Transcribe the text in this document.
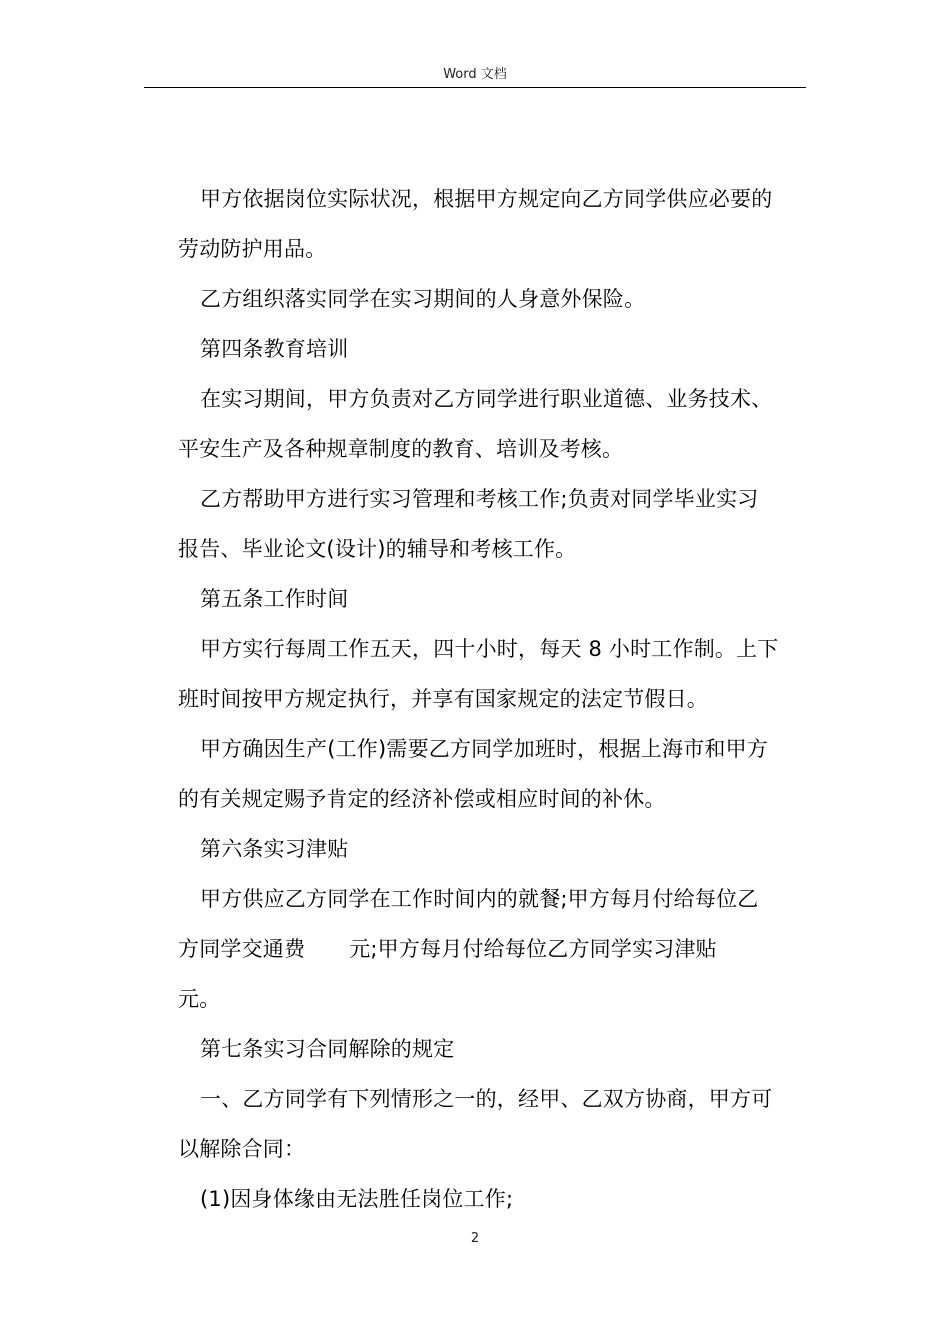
Word 文档
甲方依据岗位实际状况，根据甲方规定向乙方同学供应必要的
劳动防护用品。
乙方组织落实同学在实习期间的人身意外保险。
第四条教育培训
在实习期间，甲方负责对乙方同学进行职业道德、业务技术、
平安生产及各种规章制度的教育、培训及考核。
乙方帮助甲方进行实习管理和考核工作;负责对同学毕业实习
报告、毕业论文(设计)的辅导和考核工作。
第五条工作时间
甲方实行每周工作五天，四十小时，每天 8 小时工作制。上下
班时间按甲方规定执行，并享有国家规定的法定节假日。
甲方确因生产(工作)需要乙方同学加班时，根据上海市和甲方
的有关规定赐予肯定的经济补偿或相应时间的补休。
第六条实习津贴
甲方供应乙方同学在工作时间内的就餐;甲方每月付给每位乙
方同学交通费 元;甲方每月付给每位乙方同学实习津贴
元。
第七条实习合同解除的规定
一、乙方同学有下列情形之一的，经甲、乙双方协商，甲方可
以解除合同：
(1)因身体缘由无法胜任岗位工作;
2
